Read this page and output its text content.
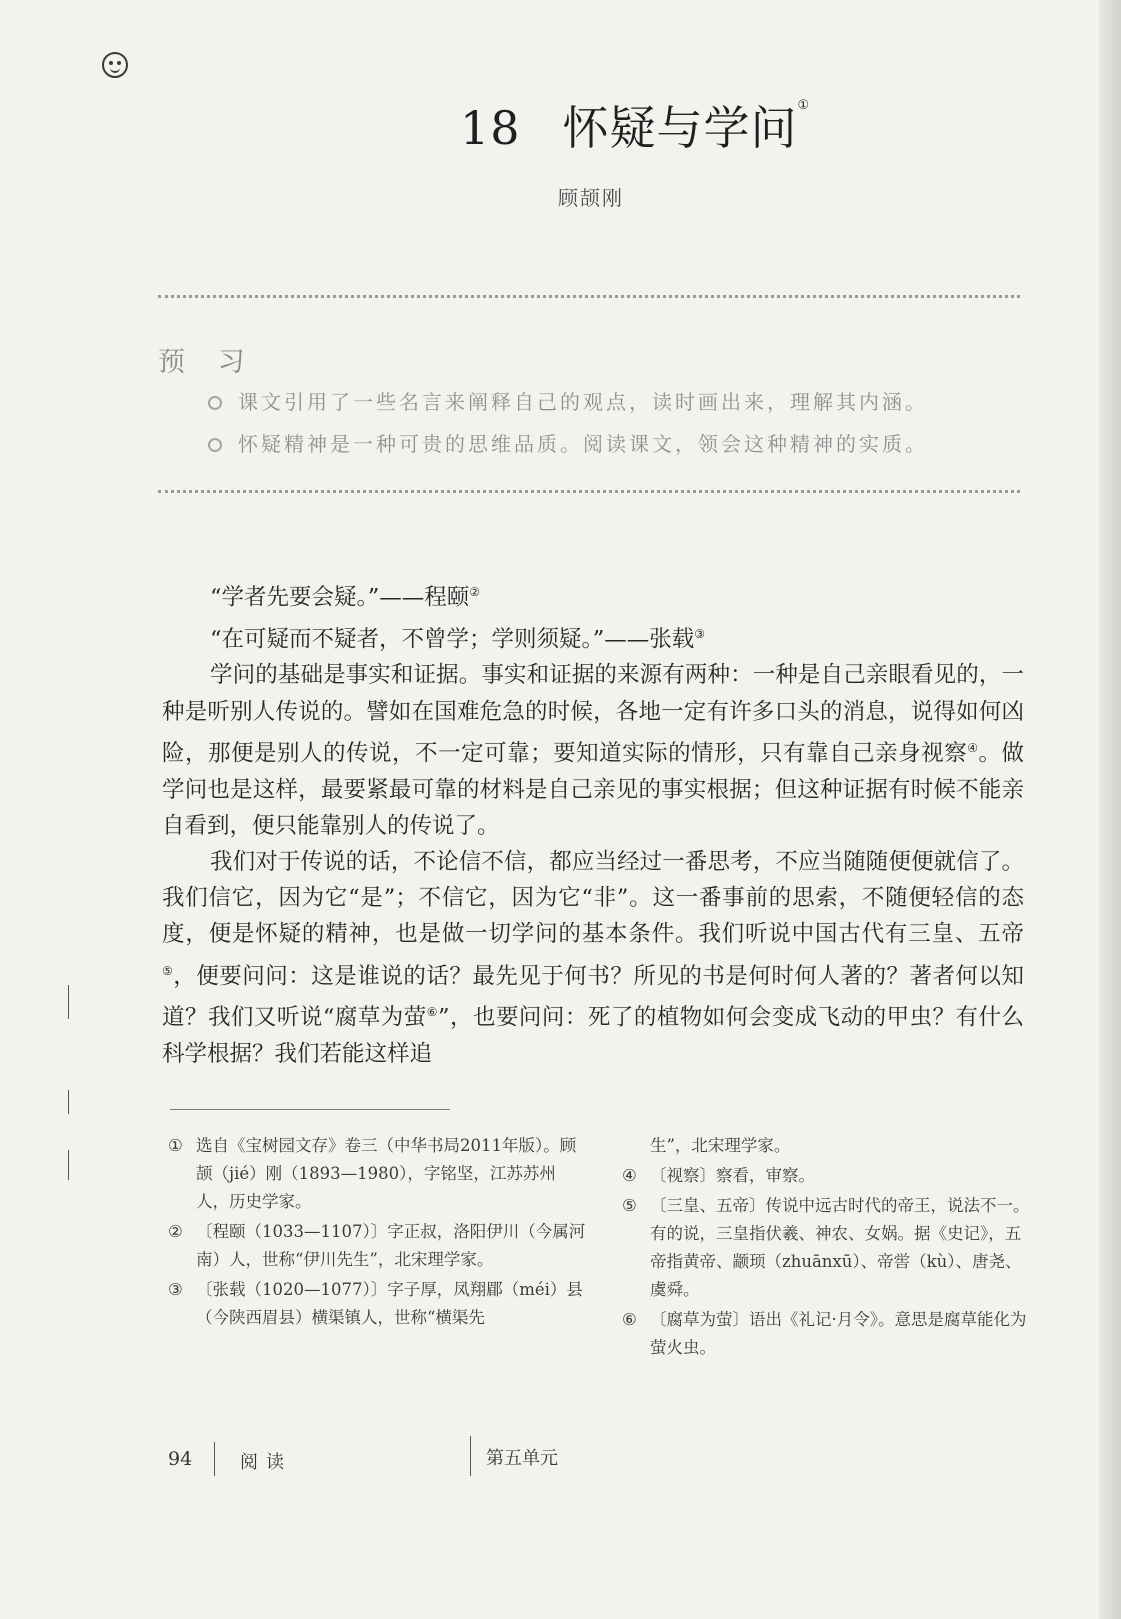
18 怀疑与学问①
顾颉刚
预 习
课文引用了一些名言来阐释自己的观点，读时画出来，理解其内涵。
怀疑精神是一种可贵的思维品质。阅读课文，领会这种精神的实质。

“学者先要会疑。”——程颐②

“在可疑而不疑者，不曾学；学则须疑。”——张载③

学问的基础是事实和证据。事实和证据的来源有两种：一种是自己亲眼看见的，一种是听别人传说的。譬如在国难危急的时候，各地一定有许多口头的消息，说得如何凶险，那便是别人的传说，不一定可靠；要知道实际的情形，只有靠自己亲身视察④。做学问也是这样，最要紧最可靠的材料是自己亲见的事实根据；但这种证据有时候不能亲自看到，便只能靠别人的传说了。

我们对于传说的话，不论信不信，都应当经过一番思考，不应当随随便便就信了。我们信它，因为它“是”；不信它，因为它“非”。这一番事前的思索，不随便轻信的态度，便是怀疑的精神，也是做一切学问的基本条件。我们听说中国古代有三皇、五帝⑤，便要问问：这是谁说的话？最先见于何书？所见的书是何时何人著的？著者何以知道？我们又听说“腐草为萤⑥”，也要问问：死了的植物如何会变成飞动的甲虫？有什么科学根据？我们若能这样追

① 选自《宝树园文存》卷三（中华书局2011年版）。顾颉（jié）刚（1893—1980），字铭坚，江苏苏州人，历史学家。
② 〔程颐（1033—1107）〕字正叔，洛阳伊川（今属河南）人，世称“伊川先生”，北宋理学家。
③ 〔张载（1020—1077）〕字子厚，凤翔郿（méi）县（今陕西眉县）横渠镇人，世称“横渠先
生”，北宋理学家。
④ 〔视察〕察看，审察。
⑤ 〔三皇、五帝〕传说中远古时代的帝王，说法不一。有的说，三皇指伏羲、神农、女娲。据《史记》，五帝指黄帝、颛顼（zhuānxū）、帝喾（kù）、唐尧、虞舜。
⑥ 〔腐草为萤〕语出《礼记·月令》。意思是腐草能化为萤火虫。
94	阅读	第五单元
